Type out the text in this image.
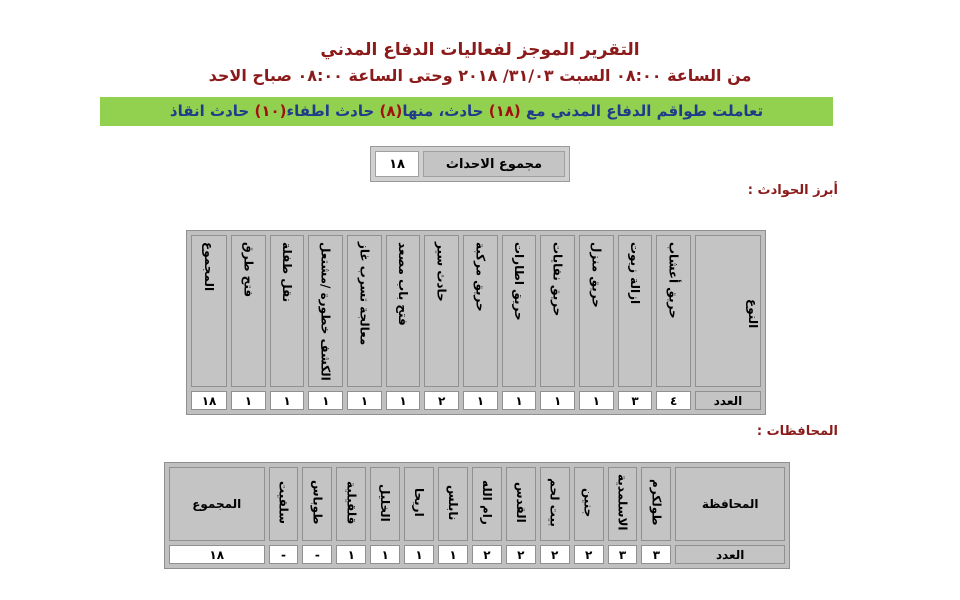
التقرير الموجز لفعاليات الدفاع المدني
من الساعة ٠٨:٠٠ السبت ٣١/٠٣/ ٢٠١٨ وحتى الساعة ٠٨:٠٠ صباح الاحد
تعاملت طواقم الدفاع المدني مع (١٨) حادث، منها(٨) حادث اطفاء(١٠) حادث انقاذ
مجموع الاحداث
١٨
أبرز الحوادث :
النوع	حريق أعشاب	ازالة زيوت	حريق منزل	حريق نفايات	حريق اطارات	حريق مركبة	حادث سير	فتح باب مصعد	معالجة تسرب غاز	الكشف خطورة /مشتعل	نقل طفلة	فتح طرق	المجموع
العدد	٤	٣	١	١	١	١	٢	١	١	١	١	١	١٨
المحافظات :
المحافظة	طولكرم	الاسلمدية	جنين	بيت لحم	القدس	رام الله	نابلس	اريحا	الخليل	قلقيلية	طوباس	سلفيت	المجموع
العدد	٣	٣	٢	٢	٢	٢	١	١	١	١	-	-	١٨
